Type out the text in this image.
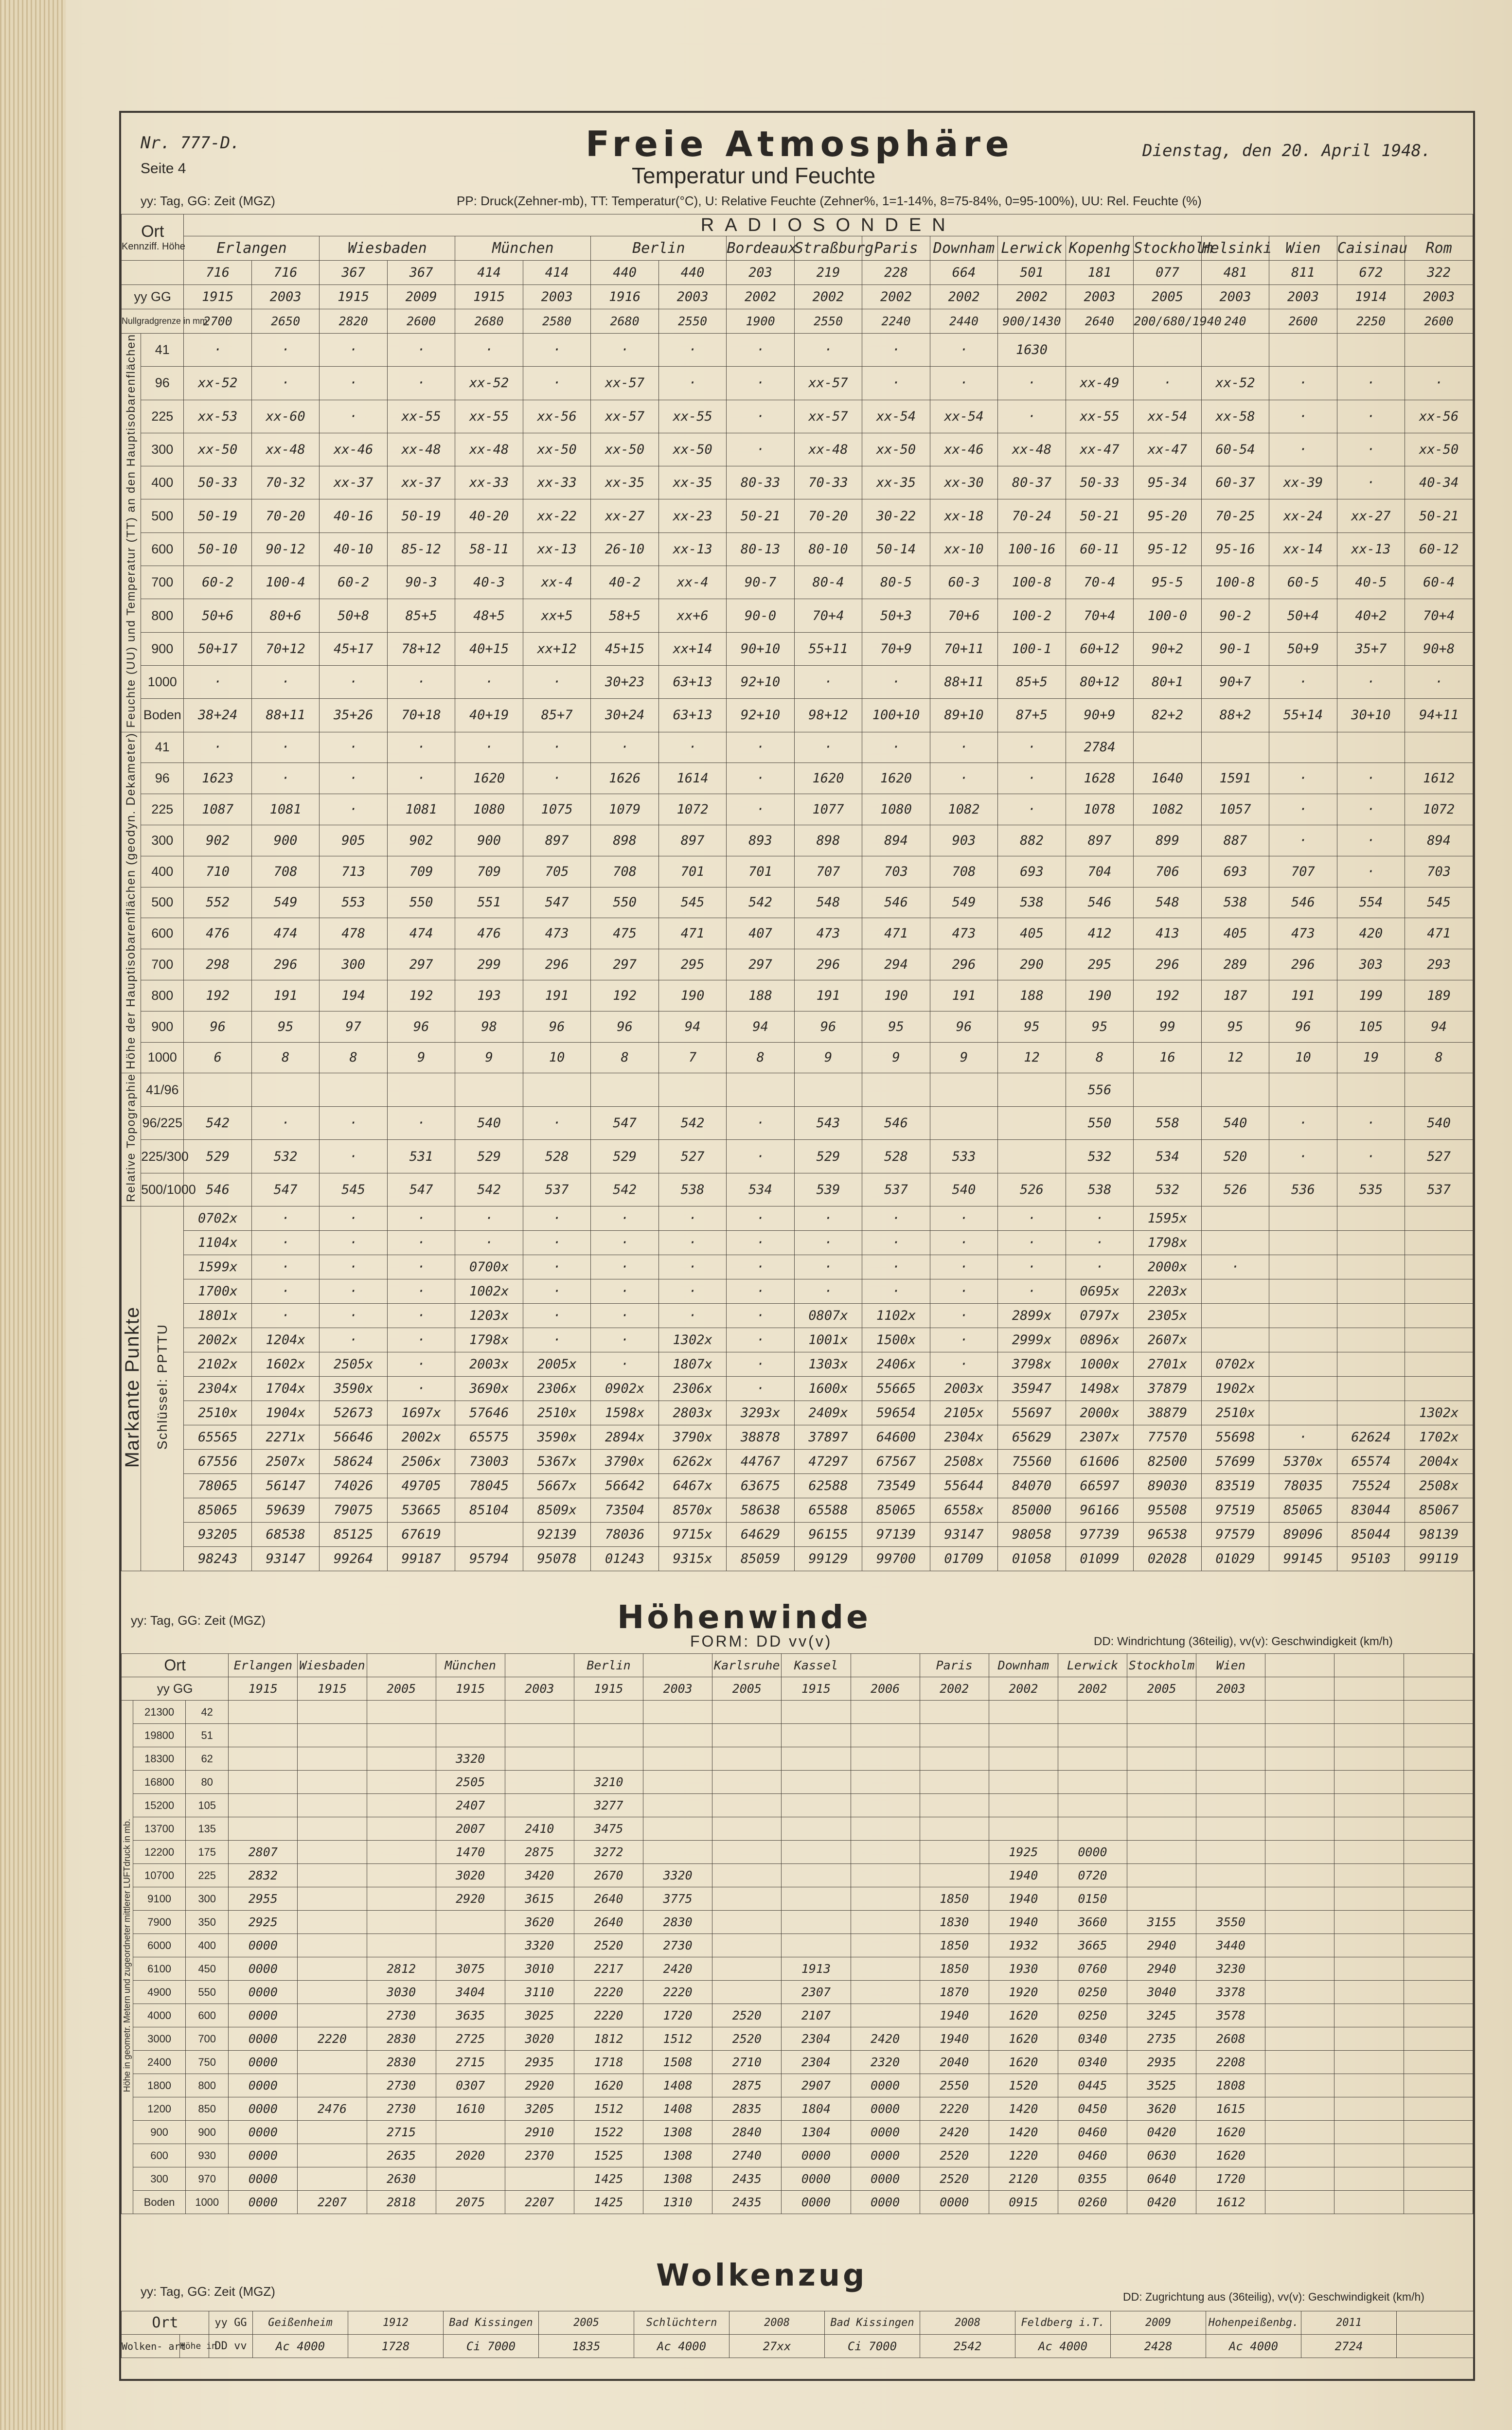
Nr. 777-D.
Seite 4
Freie Atmosphäre
Temperatur und Feuchte
Dienstag, den 20. April 1948.
yy: Tag, GG: Zeit (MGZ)	PP: Druck(Zehner-mb), TT: Temperatur(°C), U: Relative Feuchte (Zehner%, 1=1-14%, 8=75-84%, 0=95-100%), UU: Rel. Feuchte (%)
Ort
Kennziff. Höhe		RADIOSONDEN																		
		Erlangen		Wiesbaden		München		Berlin		Bordeaux	Straßburg	Paris	Downham	Lerwick	Kopenhg	Stockholm	Helsinki	Wien	Caisinau	Rom
		716	716	367	367	414	414	440	440	203	219	228	664	501	181	077	481	811	672	322
yy GG		1915	2003	1915	2009	1915	2003	1916	2003	2002	2002	2002	2002	2002	2003	2005	2003	2003	1914	2003
Nullgradgrenze in mm		2700	2650	2820	2600	2680	2580	2680	2550	1900	2550	2240	2440	900/1430	2640	200/680/1940	240	2600	2250	2600
Feuchte (UU) und Temperatur (TT) an den Hauptisobarenflächen	41	·	·	·	·	·	·	·	·	·	·	·	·	1630						
	96	xx-52	·	·	·	xx-52	·	xx-57	·	·	xx-57	·	·	·	xx-49	·	xx-52	·	·	·
	225	xx-53	xx-60	·	xx-55	xx-55	xx-56	xx-57	xx-55	·	xx-57	xx-54	xx-54	·	xx-55	xx-54	xx-58	·	·	xx-56
	300	xx-50	xx-48	xx-46	xx-48	xx-48	xx-50	xx-50	xx-50	·	xx-48	xx-50	xx-46	xx-48	xx-47	xx-47	60-54	·	·	xx-50
	400	50-33	70-32	xx-37	xx-37	xx-33	xx-33	xx-35	xx-35	80-33	70-33	xx-35	xx-30	80-37	50-33	95-34	60-37	xx-39	·	40-34
	500	50-19	70-20	40-16	50-19	40-20	xx-22	xx-27	xx-23	50-21	70-20	30-22	xx-18	70-24	50-21	95-20	70-25	xx-24	xx-27	50-21
	600	50-10	90-12	40-10	85-12	58-11	xx-13	26-10	xx-13	80-13	80-10	50-14	xx-10	100-16	60-11	95-12	95-16	xx-14	xx-13	60-12
	700	60-2	100-4	60-2	90-3	40-3	xx-4	40-2	xx-4	90-7	80-4	80-5	60-3	100-8	70-4	95-5	100-8	60-5	40-5	60-4
	800	50+6	80+6	50+8	85+5	48+5	xx+5	58+5	xx+6	90-0	70+4	50+3	70+6	100-2	70+4	100-0	90-2	50+4	40+2	70+4
	900	50+17	70+12	45+17	78+12	40+15	xx+12	45+15	xx+14	90+10	55+11	70+9	70+11	100-1	60+12	90+2	90-1	50+9	35+7	90+8
	1000	·	·	·	·	·	·	30+23	63+13	92+10	·	·	88+11	85+5	80+12	80+1	90+7	·	·	·
	Boden	38+24	88+11	35+26	70+18	40+19	85+7	30+24	63+13	92+10	98+12	100+10	89+10	87+5	90+9	82+2	88+2	55+14	30+10	94+11
Höhe der Hauptisobarenflächen (geodyn. Dekameter)	41	·	·	·	·	·	·	·	·	·	·	·	·	·	2784					
	96	1623	·	·	·	1620	·	1626	1614	·	1620	1620	·	·	1628	1640	1591	·	·	1612
	225	1087	1081	·	1081	1080	1075	1079	1072	·	1077	1080	1082	·	1078	1082	1057	·	·	1072
	300	902	900	905	902	900	897	898	897	893	898	894	903	882	897	899	887	·	·	894
	400	710	708	713	709	709	705	708	701	701	707	703	708	693	704	706	693	707	·	703
	500	552	549	553	550	551	547	550	545	542	548	546	549	538	546	548	538	546	554	545
	600	476	474	478	474	476	473	475	471	407	473	471	473	405	412	413	405	473	420	471
	700	298	296	300	297	299	296	297	295	297	296	294	296	290	295	296	289	296	303	293
	800	192	191	194	192	193	191	192	190	188	191	190	191	188	190	192	187	191	199	189
	900	96	95	97	96	98	96	96	94	94	96	95	96	95	95	99	95	96	105	94
	1000	6	8	8	9	9	10	8	7	8	9	9	9	12	8	16	12	10	19	8
Relative Topographie	41/96														556					
	96/225	542	·	·	·	540	·	547	542	·	543	546			550	558	540	·	·	540
	225/300	529	532	·	531	529	528	529	527	·	529	528	533		532	534	520	·	·	527
	500/1000	546	547	545	547	542	537	542	538	534	539	537	540	526	538	532	526	536	535	537
Markante Punkte	Schlüssel: PPTTU	0702x	·	·	·	·	·	·	·	·	·	·	·	·	·	1595x				
		1104x	·	·	·	·	·	·	·	·	·	·	·	·	·	1798x				
		1599x	·	·	·	0700x	·	·	·	·	·	·	·	·	·	2000x	·			
		1700x	·	·	·	1002x	·	·	·	·	·	·	·	·	0695x	2203x				
		1801x	·	·	·	1203x	·	·	·	·	0807x	1102x	·	2899x	0797x	2305x				
		2002x	1204x	·	·	1798x	·	·	1302x	·	1001x	1500x	·	2999x	0896x	2607x				
		2102x	1602x	2505x	·	2003x	2005x	·	1807x	·	1303x	2406x	·	3798x	1000x	2701x	0702x			
		2304x	1704x	3590x	·	3690x	2306x	0902x	2306x	·	1600x	55665	2003x	35947	1498x	37879	1902x			
		2510x	1904x	52673	1697x	57646	2510x	1598x	2803x	3293x	2409x	59654	2105x	55697	2000x	38879	2510x			1302x
		65565	2271x	56646	2002x	65575	3590x	2894x	3790x	38878	37897	64600	2304x	65629	2307x	77570	55698	·	62624	1702x
		67556	2507x	58624	2506x	73003	5367x	3790x	6262x	44767	47297	67567	2508x	75560	61606	82500	57699	5370x	65574	2004x
		78065	56147	74026	49705	78045	5667x	56642	6467x	63675	62588	73549	55644	84070	66597	89030	83519	78035	75524	2508x
		85065	59639	79075	53665	85104	8509x	73504	8570x	58638	65588	85065	6558x	85000	96166	95508	97519	85065	83044	85067
		93205	68538	85125	67619		92139	78036	9715x	64629	96155	97139	93147	98058	97739	96538	97579	89096	85044	98139
		98243	93147	99264	99187	95794	95078	01243	9315x	85059	99129	99700	01709	01058	01099	02028	01029	99145	95103	99119
yy: Tag, GG: Zeit (MGZ)	Höhenwinde
FORM: DD vv(v)	DD: Windrichtung (36teilig), vv(v): Geschwindigkeit (km/h)
Ort			Erlangen	Wiesbaden		München		Berlin		Karlsruhe	Kassel		Paris	Downham	Lerwick	Stockholm	Wien			
yy GG			1915	1915	2005	1915	2003	1915	2003	2005	1915	2006	2002	2002	2002	2005	2003			
Höhe in geometr. Metern und zugeordneter mittlerer LUFTdruck in mb.	21300	42																		
	19800	51																		
	18300	62				3320														
	16800	80				2505		3210												
	15200	105				2407		3277												
	13700	135				2007	2410	3475												
	12200	175	2807			1470	2875	3272						1925	0000					
	10700	225	2832			3020	3420	2670	3320					1940	0720					
	9100	300	2955			2920	3615	2640	3775				1850	1940	0150					
	7900	350	2925				3620	2640	2830				1830	1940	3660	3155	3550			
	6000	400	0000				3320	2520	2730				1850	1932	3665	2940	3440			
	6100	450	0000		2812	3075	3010	2217	2420		1913		1850	1930	0760	2940	3230			
	4900	550	0000		3030	3404	3110	2220	2220		2307		1870	1920	0250	3040	3378			
	4000	600	0000		2730	3635	3025	2220	1720	2520	2107		1940	1620	0250	3245	3578			
	3000	700	0000	2220	2830	2725	3020	1812	1512	2520	2304	2420	1940	1620	0340	2735	2608			
	2400	750	0000		2830	2715	2935	1718	1508	2710	2304	2320	2040	1620	0340	2935	2208			
	1800	800	0000		2730	0307	2920	1620	1408	2875	2907	0000	2550	1520	0445	3525	1808			
	1200	850	0000	2476	2730	1610	3205	1512	1408	2835	1804	0000	2220	1420	0450	3620	1615			
	900	900	0000		2715		2910	1522	1308	2840	1304	0000	2420	1420	0460	0420	1620			
	600	930	0000		2635	2020	2370	1525	1308	2740	0000	0000	2520	1220	0460	0630	1620			
	300	970	0000		2630			1425	1308	2435	0000	0000	2520	2120	0355	0640	1720			
	Boden	1000	0000	2207	2818	2075	2207	1425	1310	2435	0000	0000	0000	0915	0260	0420	1612			
yy: Tag, GG: Zeit (MGZ)	Wolkenzug
DD: Zugrichtung aus (36teilig), vv(v): Geschwindigkeit (km/h)
Ort		yy GG	Geißenheim	1912	Bad Kissingen	2005	Schlüchtern	2008	Bad Kissingen	2008	Feldberg i.T.	2009	Hohenpeißenbg.	2011	
Wolken- art	Höhe in	DD vv	Ac 4000	1728	Ci 7000	1835	Ac 4000	27xx	Ci 7000	2542	Ac 4000	2428	Ac 4000	2724	
